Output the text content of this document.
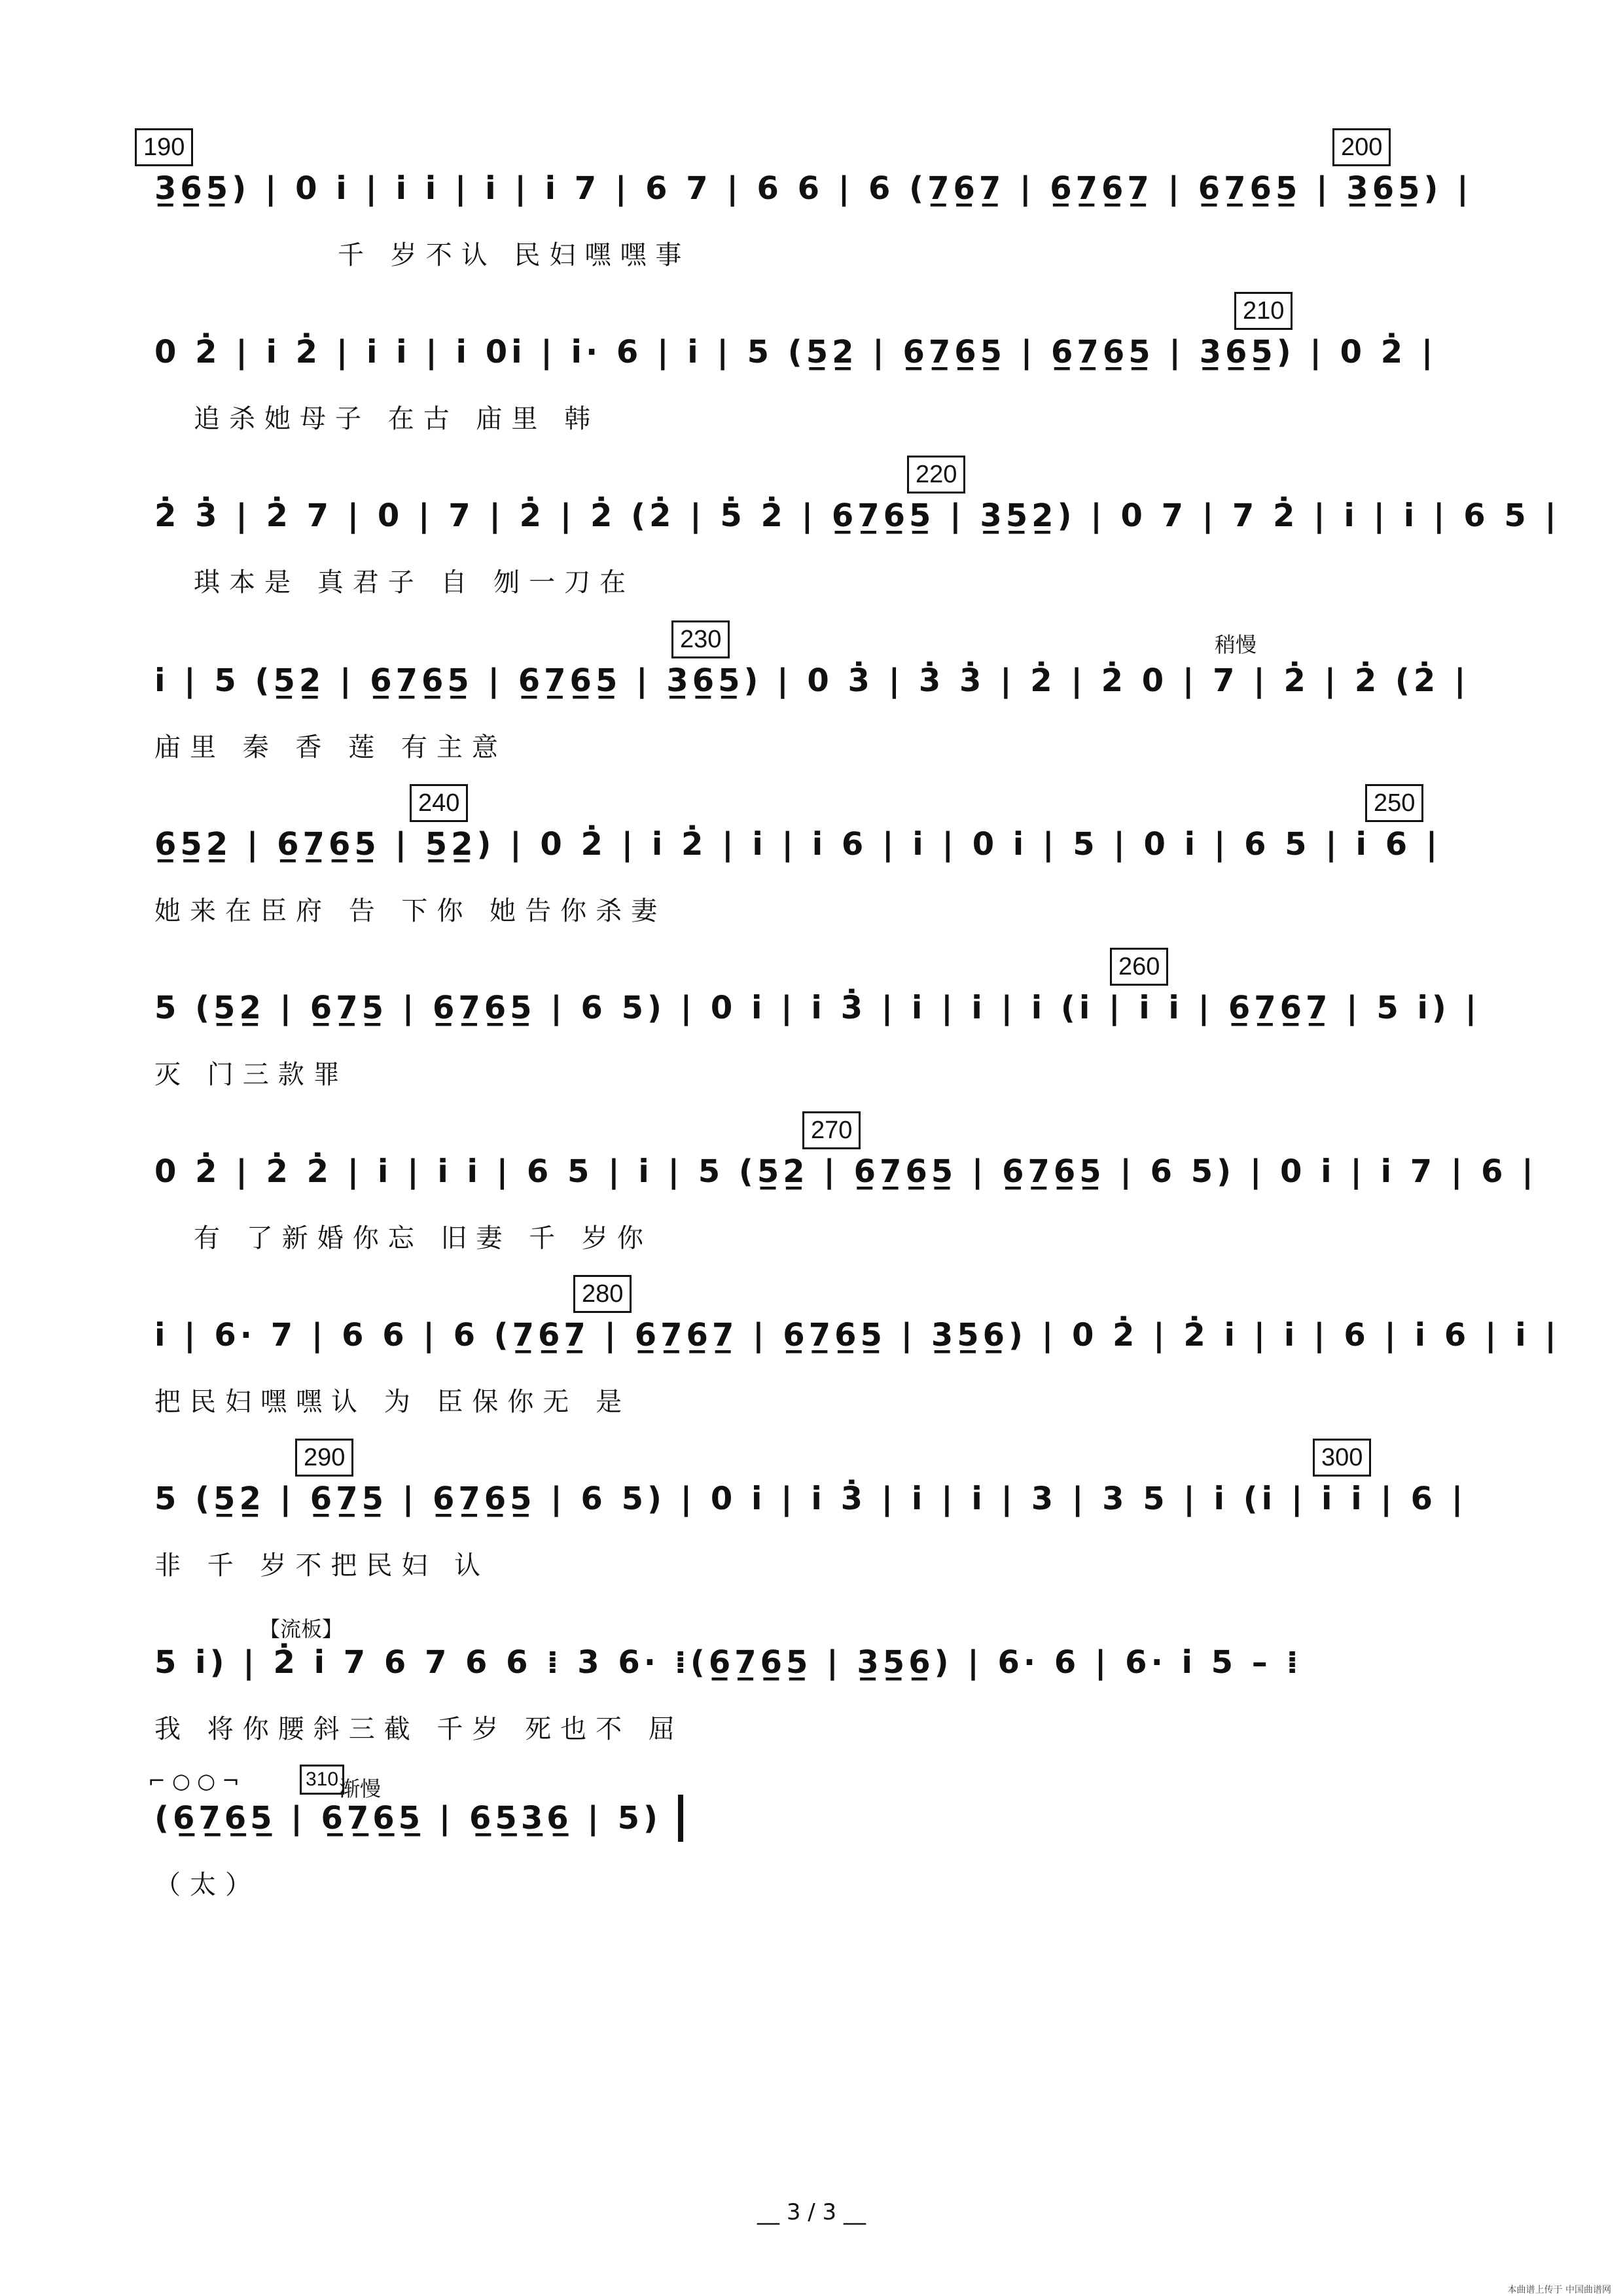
190	200
3̲6̲5̲) | 0 i̇ | i̇ i̇ | i̇ | i̇ 7 | 6 7 | 6 6 | 6 (7̲6̲7̲ | 6̲7̲6̲7̲ | 6̲7̲6̲5̲ | 3̲6̲5̲) |
千 岁不认 民妇嘿嘿事
210
0 2̇ | i̇ 2̇ | i̇ i̇ | i̇ 0i̇ | i̇· 6 | i̇ | 5 (5̲2̲ | 6̲7̲6̲5̲ | 6̲7̲6̲5̲ | 3̲6̲5̲) | 0 2̇ |
追杀她母子 在古 庙里 韩
220
2̇ 3̇ | 2̇ 7 | 0 | 7 | 2̇ | 2̇ (2̇ | 5̇ 2̇ | 6̲7̲6̲5̲ | 3̲5̲2̲) | 0 7 | 7 2̇ | i̇ | i̇ | 6 5 |
琪本是 真君子 自 刎一刀在
230	稍慢
i̇ | 5 (5̲2̲ | 6̲7̲6̲5̲ | 6̲7̲6̲5̲ | 3̲6̲5̲) | 0 3̇ | 3̇ 3̇ | 2̇ | 2̇ 0 | 7 | 2̇ | 2̇ (2̇ |
庙里 秦 香 莲 有主意
240	250
6̲5̲2̲ | 6̲7̲6̲5̲ | 5̲2̲) | 0 2̇ | i̇ 2̇ | i̇ | i̇ 6 | i̇ | 0 i̇ | 5 | 0 i̇ | 6 5 | i̇ 6 |
她来在臣府 告 下你 她告你杀妻
260
5 (5̲2̲ | 6̲7̲5̲ | 6̲7̲6̲5̲ | 6 5) | 0 i̇ | i̇ 3̇ | i̇ | i̇ | i̇ (i̇ | i̇ i̇ | 6̲7̲6̲7̲ | 5 i̇) |
灭 门三款罪
270
0 2̇ | 2̇ 2̇ | i̇ | i̇ i̇ | 6 5 | i̇ | 5 (5̲2̲ | 6̲7̲6̲5̲ | 6̲7̲6̲5̲ | 6 5) | 0 i̇ | i̇ 7 | 6 |
有 了新婚你忘 旧妻 千 岁你
280
i̇ | 6· 7 | 6 6 | 6 (7̲6̲7̲ | 6̲7̲6̲7̲ | 6̲7̲6̲5̲ | 3̲5̲6̲) | 0 2̇ | 2̇ i̇ | i̇ | 6 | i̇ 6 | i̇ |
把民妇嘿嘿认 为 臣保你无 是
290	300
5 (5̲2̲ | 6̲7̲5̲ | 6̲7̲6̲5̲ | 6 5) | 0 i̇ | i̇ 3̇ | i̇ | i̇ | 3 | 3 5 | i̇ (i̇ | i̇ i̇ | 6 |
非 千 岁不把民妇 认
【流板】
5 i̇) | 2̇ i̇ 7 6 7 6 6 ⁞ 3 6· ⁞(6̲7̲6̲5̲ | 3̲5̲6̲) | 6· 6 | 6· i̇ 5 – ⁞
我 将你腰斜三截 千岁 死也不 屈
⌐ ○ ○ ¬	310 渐慢
(6̲7̲6̲5̲ | 6̲7̲6̲5̲ | 6̲5̲3̲6̲ | 5)
（太）
__ 3 / 3 __
本曲谱上传于 中国曲谱网
